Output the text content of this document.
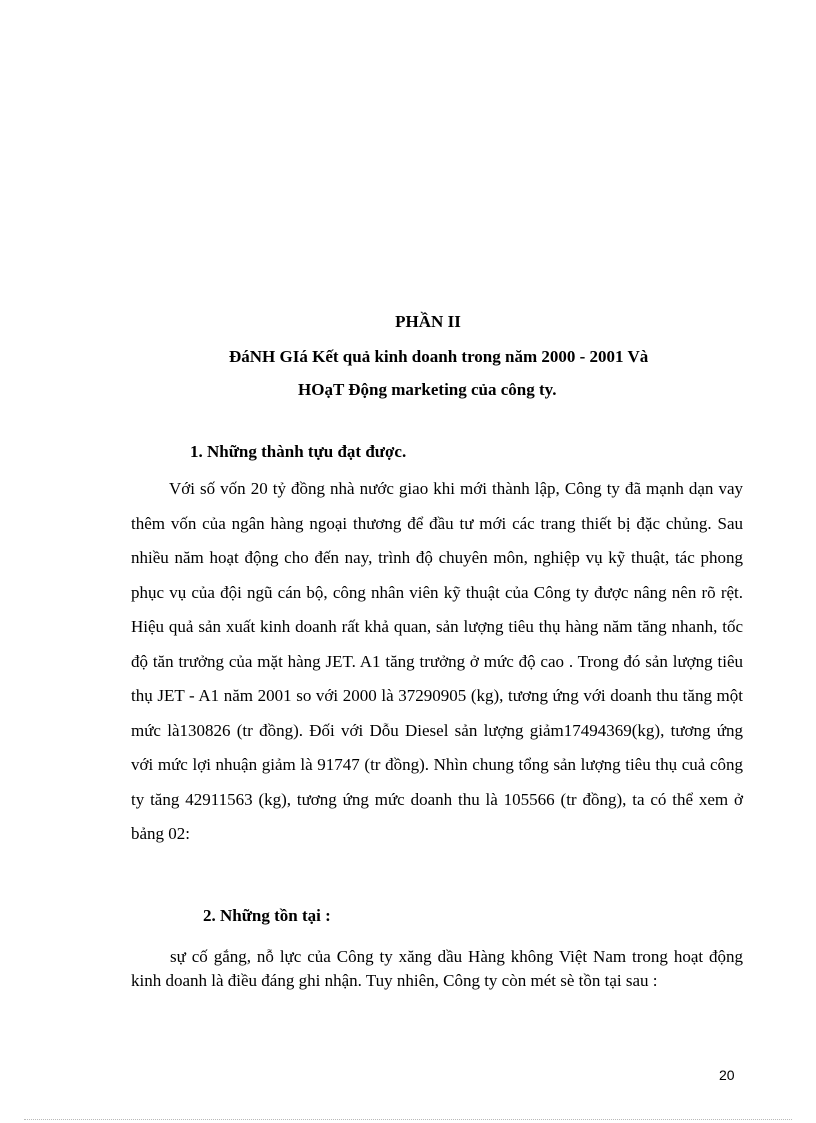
PHẦN II
ĐáNH GIá Kết quả kinh doanh trong năm 2000 - 2001 Và
HOạT Động marketing của công ty.
1. Những thành tựu đạt được.

Với số vốn 20 tỷ đồng nhà nước giao khi mới thành lập, Công ty đã mạnh dạn vay thêm vốn của ngân hàng ngoại thương để đầu tư mới các trang thiết bị đặc chủng. Sau nhiều năm hoạt động cho đến nay, trình độ chuyên môn, nghiệp vụ kỹ thuật, tác phong phục vụ của đội ngũ cán bộ, công nhân viên kỹ thuật của Công ty được nâng nên rõ rệt. Hiệu quả sản xuất kinh doanh rất khả quan, sản lượng tiêu thụ hàng năm tăng nhanh, tốc độ tăn trưởng của mặt hàng JET. A1 tăng trưởng ở mức độ cao . Trong đó sản lượng tiêu thụ JET - A1 năm 2001 so với 2000 là 37290905 (kg), tương ứng với doanh thu tăng một mức là130826 (tr đồng). Đối với Dỗu Diesel sản lượng giảm17494369(kg), tương ứng với mức lợi nhuận giảm là 91747 (tr đồng). Nhìn chung tổng sản lượng tiêu thụ cuả công ty tăng 42911563 (kg), tương ứng mức doanh thu là 105566 (tr đồng), ta có thể xem ở bảng 02:

2. Những tồn tại :

sự cố gắng, nỗ lực của Công ty xăng dầu Hàng không Việt Nam trong hoạt động kinh doanh là điều đáng ghi nhận. Tuy nhiên, Công ty còn mét sè tồn tại sau :

20
